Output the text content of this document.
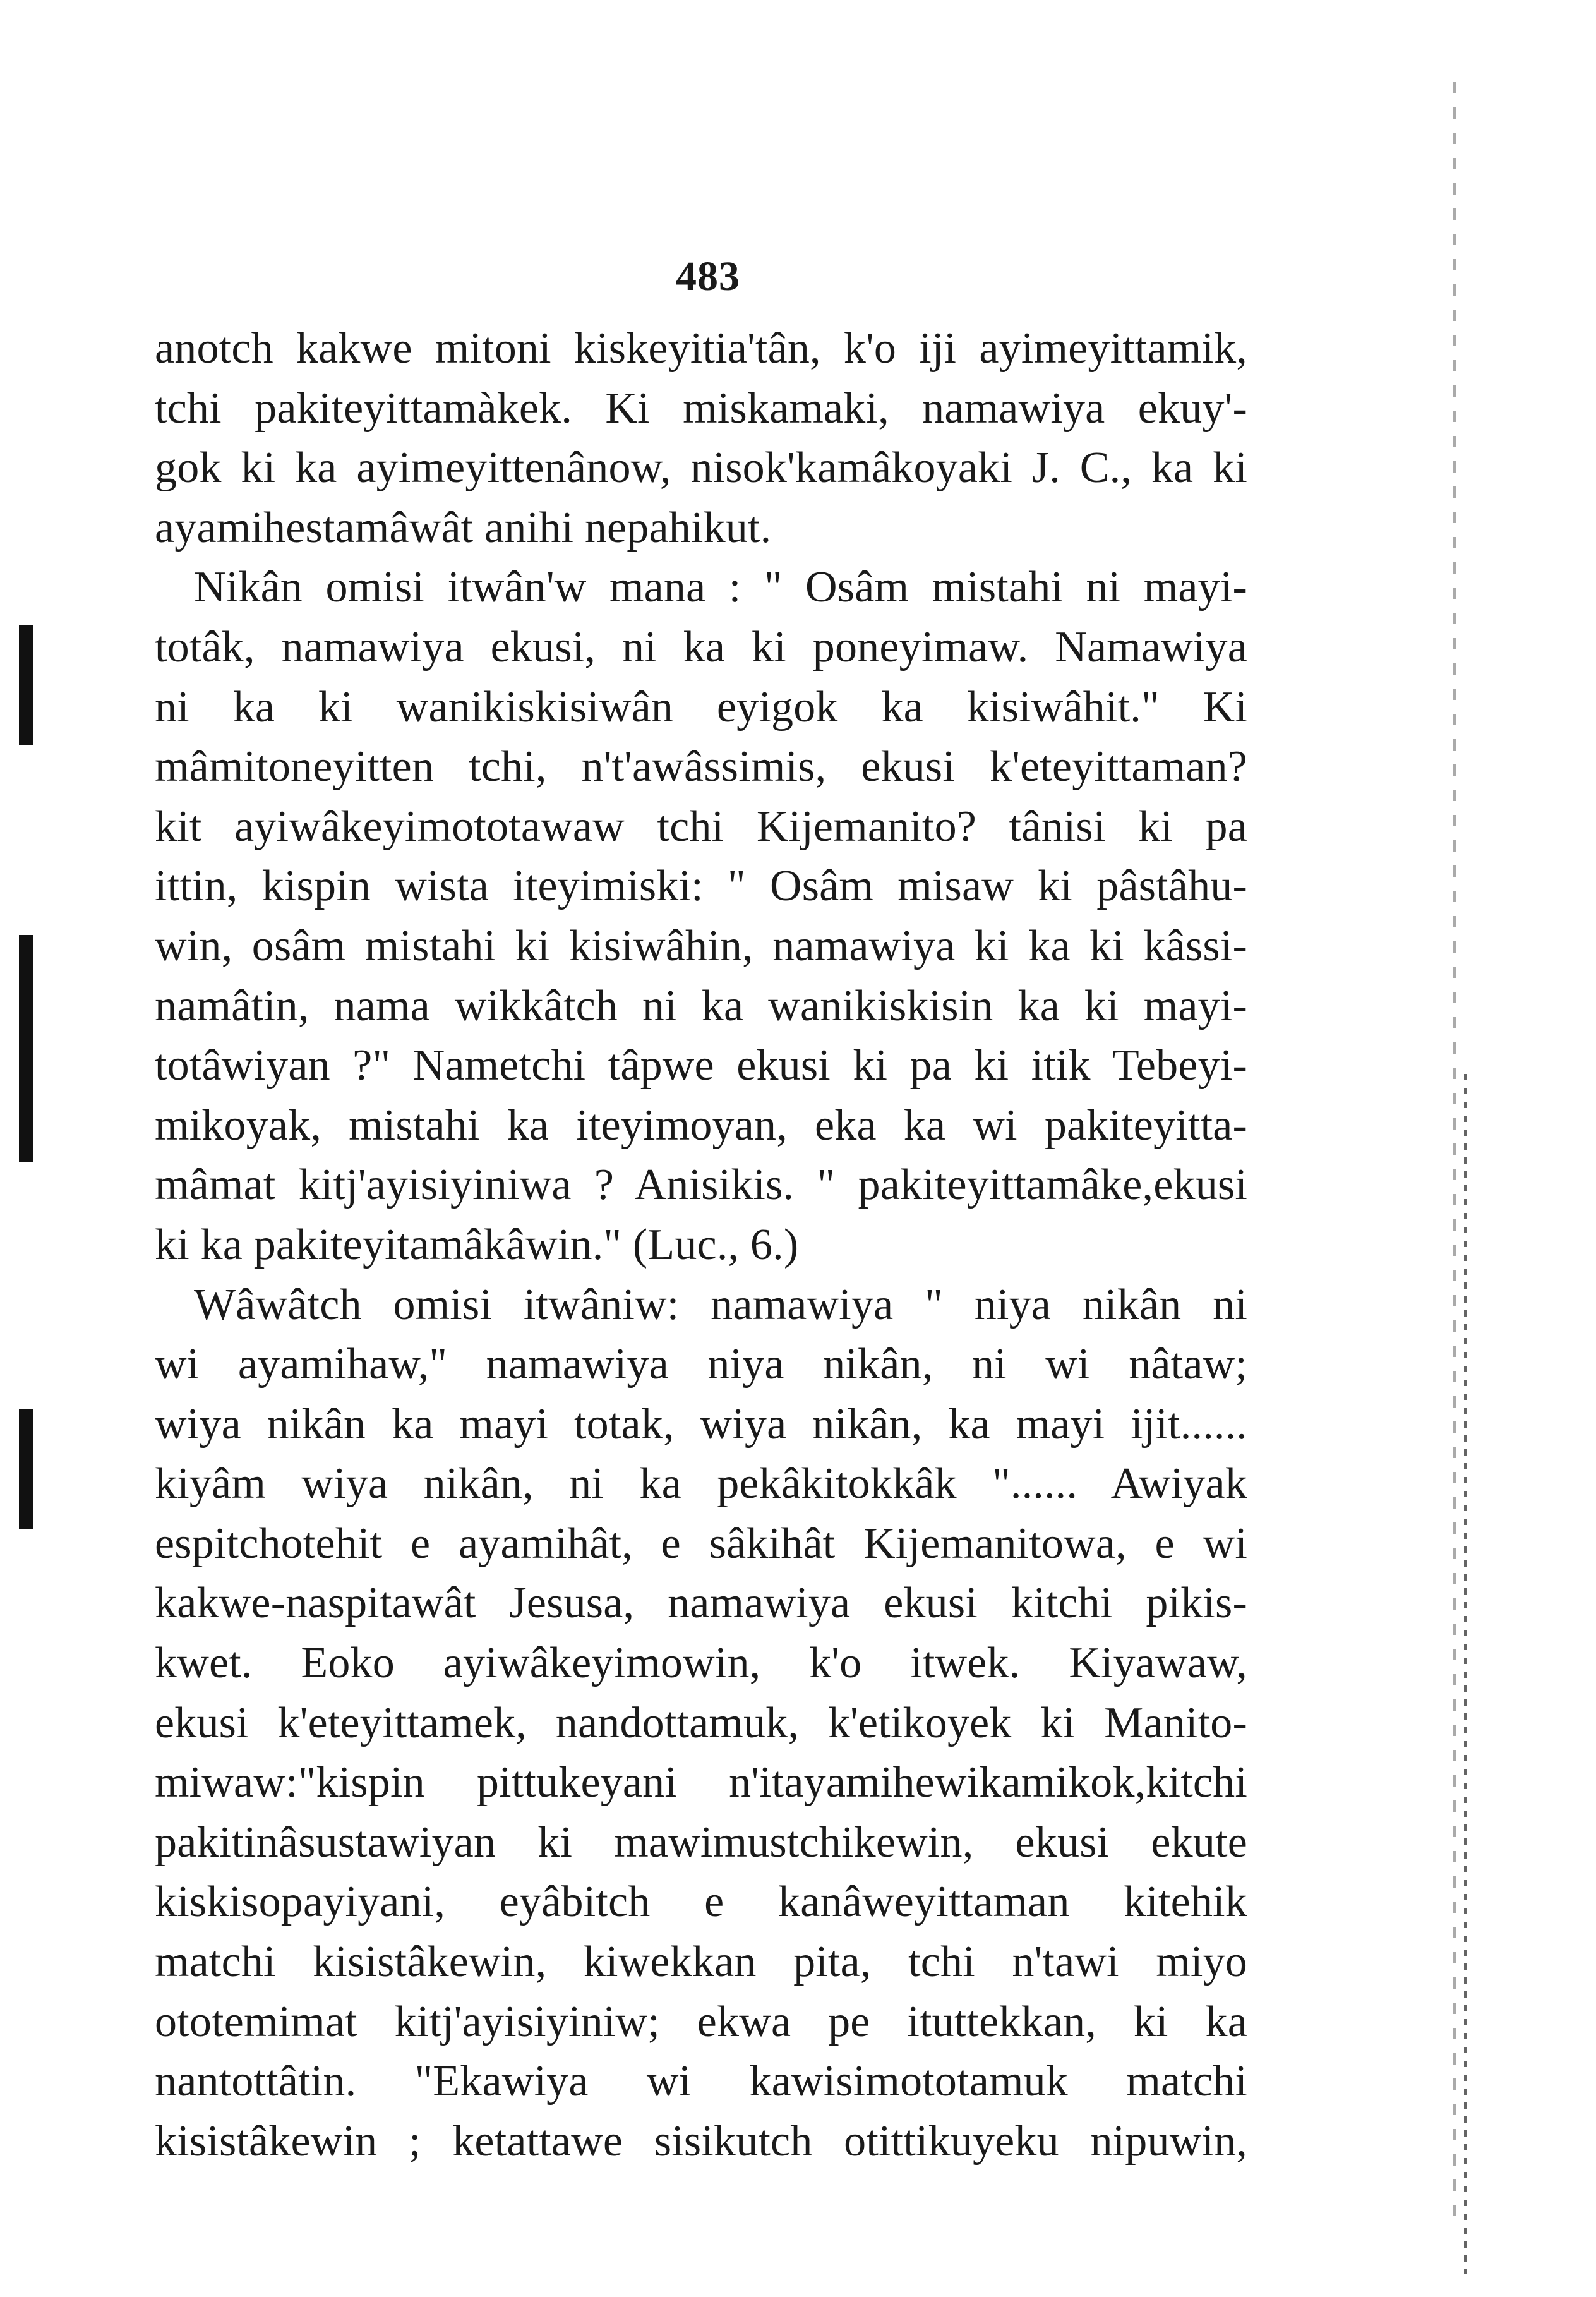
483
anotch kakwe mitoni kiskeyitia'tân, k'o iji ayimeyittamik,
tchi pakiteyittamàkek. Ki miskamaki, namawiya ekuy'-
gok ki ka ayimeyittenânow, nisok'kamâkoyaki J. C., ka ki
ayamihestamâwât anihi nepahikut.
Nikân omisi itwân'w mana : " Osâm mistahi ni mayi-
totâk, namawiya ekusi, ni ka ki poneyimaw. Namawiya
ni ka ki wanikiskisiwân eyigok ka kisiwâhit." Ki
mâmitoneyitten tchi, n't'awâssimis, ekusi k'eteyittaman?
kit ayiwâkeyimototawaw tchi Kijemanito? tânisi ki pa
ittin, kispin wista iteyimiski: " Osâm misaw ki pâstâhu-
win, osâm mistahi ki kisiwâhin, namawiya ki ka ki kâssi-
namâtin, nama wikkâtch ni ka wanikiskisin ka ki mayi-
totâwiyan ?" Nametchi tâpwe ekusi ki pa ki itik Tebeyi-
mikoyak, mistahi ka iteyimoyan, eka ka wi pakiteyitta-
mâmat kitj'ayisiyiniwa ? Anisikis. " pakiteyittamâke,ekusi
ki ka pakiteyitamâkâwin." (Luc., 6.)
Wâwâtch omisi itwâniw: namawiya " niya nikân ni
wi ayamihaw," namawiya niya nikân, ni wi nâtaw;
wiya nikân ka mayi totak, wiya nikân, ka mayi ijit......
kiyâm wiya nikân, ni ka pekâkitokkâk "...... Awiyak
espitchotehit e ayamihât, e sâkihât Kijemanitowa, e wi
kakwe-naspitawât Jesusa, namawiya ekusi kitchi pikis-
kwet. Eoko ayiwâkeyimowin, k'o itwek. Kiyawaw,
ekusi k'eteyittamek, nandottamuk, k'etikoyek ki Manito-
miwaw:"kispin pittukeyani n'itayamihewikamikok,kitchi
pakitinâsustawiyan ki mawimustchikewin, ekusi ekute
kiskisopayiyani, eyâbitch e kanâweyittaman kitehik
matchi kisistâkewin, kiwekkan pita, tchi n'tawi miyo
ototemimat kitj'ayisiyiniw; ekwa pe ituttekkan, ki ka
nantottâtin. "Ekawiya wi kawisimototamuk matchi
kisistâkewin ; ketattawe sisikutch otittikuyeku nipuwin,
